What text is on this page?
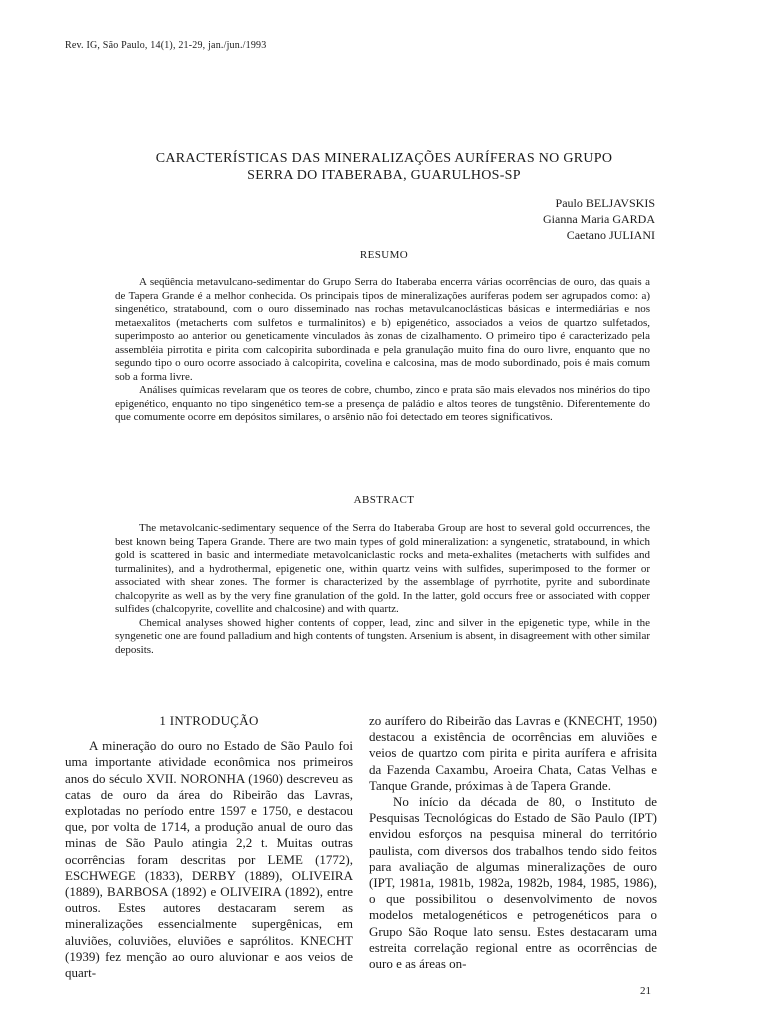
Rev. IG, São Paulo, 14(1), 21-29, jan./jun./1993
CARACTERÍSTICAS DAS MINERALIZAÇÕES AURÍFERAS NO GRUPO
SERRA DO ITABERABA, GUARULHOS-SP
Paulo BELJAVSKIS
Gianna Maria GARDA
Caetano JULIANI
RESUMO

A seqüência metavulcano-sedimentar do Grupo Serra do Itaberaba encerra várias ocorrências de ouro, das quais a de Tapera Grande é a melhor conhecida. Os principais tipos de mineralizações auríferas podem ser agrupados como: a) singenético, stratabound, com o ouro disseminado nas rochas metavulcanoclásticas básicas e intermediárias e nos metaexalitos (metacherts com sulfetos e turmalinitos) e b) epigenético, associados a veios de quartzo sulfetados, superimposto ao anterior ou geneticamente vinculados às zonas de cizalhamento. O primeiro tipo é caracterizado pela assembléia pirrotita e pirita com calcopirita subordinada e pela granulação muito fina do ouro livre, enquanto que no segundo tipo o ouro ocorre associado à calcopirita, covelina e calcosina, mas de modo subordinado, pois é mais comum sob a forma livre.

Análises químicas revelaram que os teores de cobre, chumbo, zinco e prata são mais elevados nos minérios do tipo epigenético, enquanto no tipo singenético tem-se a presença de paládio e altos teores de tungstênio. Diferentemente do que comumente ocorre em depósitos similares, o arsênio não foi detectado em teores significativos.

ABSTRACT

The metavolcanic-sedimentary sequence of the Serra do Itaberaba Group are host to several gold occurrences, the best known being Tapera Grande. There are two main types of gold mineralization: a syngenetic, stratabound, in which gold is scattered in basic and intermediate metavolcaniclastic rocks and meta-exhalites (metacherts with sulfides and turmalinites), and a hydrothermal, epigenetic one, within quartz veins with sulfides, superimposed to the former or associated with shear zones. The former is characterized by the assemblage of pyrrhotite, pyrite and subordinate chalcopyrite as well as by the very fine granulation of the gold. In the latter, gold occurs free or associated with copper sulfides (chalcopyrite, covellite and chalcosine) and with quartz.

Chemical analyses showed higher contents of copper, lead, zinc and silver in the epigenetic type, while in the syngenetic one are found palladium and high contents of tungsten. Arsenium is absent, in disagreement with other similar deposits.

1 INTRODUÇÃO

A mineração do ouro no Estado de São Paulo foi uma importante atividade econômica nos primeiros anos do século XVII. NORONHA (1960) descreveu as catas de ouro da área do Ribeirão das Lavras, explotadas no período entre 1597 e 1750, e destacou que, por volta de 1714, a produção anual de ouro das minas de São Paulo atingia 2,2 t. Muitas outras ocorrências foram descritas por LEME (1772), ESCHWEGE (1833), DERBY (1889), OLIVEIRA (1889), BARBOSA (1892) e OLIVEIRA (1892), entre outros. Estes autores destacaram serem as mineralizações essencialmente supergênicas, em aluviões, coluviões, eluviões e saprólitos. KNECHT (1939) fez menção ao ouro aluvionar e aos veios de quart-

zo aurífero do Ribeirão das Lavras e (KNECHT, 1950) destacou a existência de ocorrências em aluviões e veios de quartzo com pirita e pirita aurífera e afrisita da Fazenda Caxambu, Aroeira Chata, Catas Velhas e Tanque Grande, próximas à de Tapera Grande.

No início da década de 80, o Instituto de Pesquisas Tecnológicas do Estado de São Paulo (IPT) envidou esforços na pesquisa mineral do território paulista, com diversos dos trabalhos tendo sido feitos para avaliação de algumas mineralizações de ouro (IPT, 1981a, 1981b, 1982a, 1982b, 1984, 1985, 1986), o que possibilitou o desenvolvimento de novos modelos metalogenéticos e petrogenéticos para o Grupo São Roque lato sensu. Estes destacaram uma estreita correlação regional entre as ocorrências de ouro e as áreas on-

21
